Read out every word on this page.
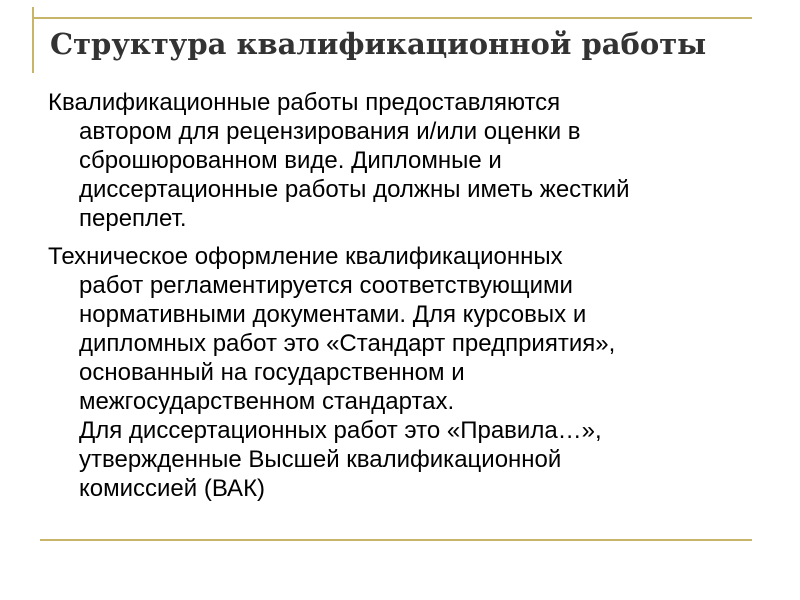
Структура квалификационной работы
Квалификационные работы предоставляются
автором для рецензирования и/или оценки в
сброшюрованном виде. Дипломные и
диссертационные работы должны иметь жесткий
переплет.
Техническое оформление квалификационных
работ регламентируется соответствующими
нормативными документами. Для курсовых и
дипломных работ это «Стандарт предприятия»,
основанный на государственном и
межгосударственном стандартах.
Для диссертационных работ это «Правила…»,
утвержденные Высшей квалификационной
комиссией (ВАК)
